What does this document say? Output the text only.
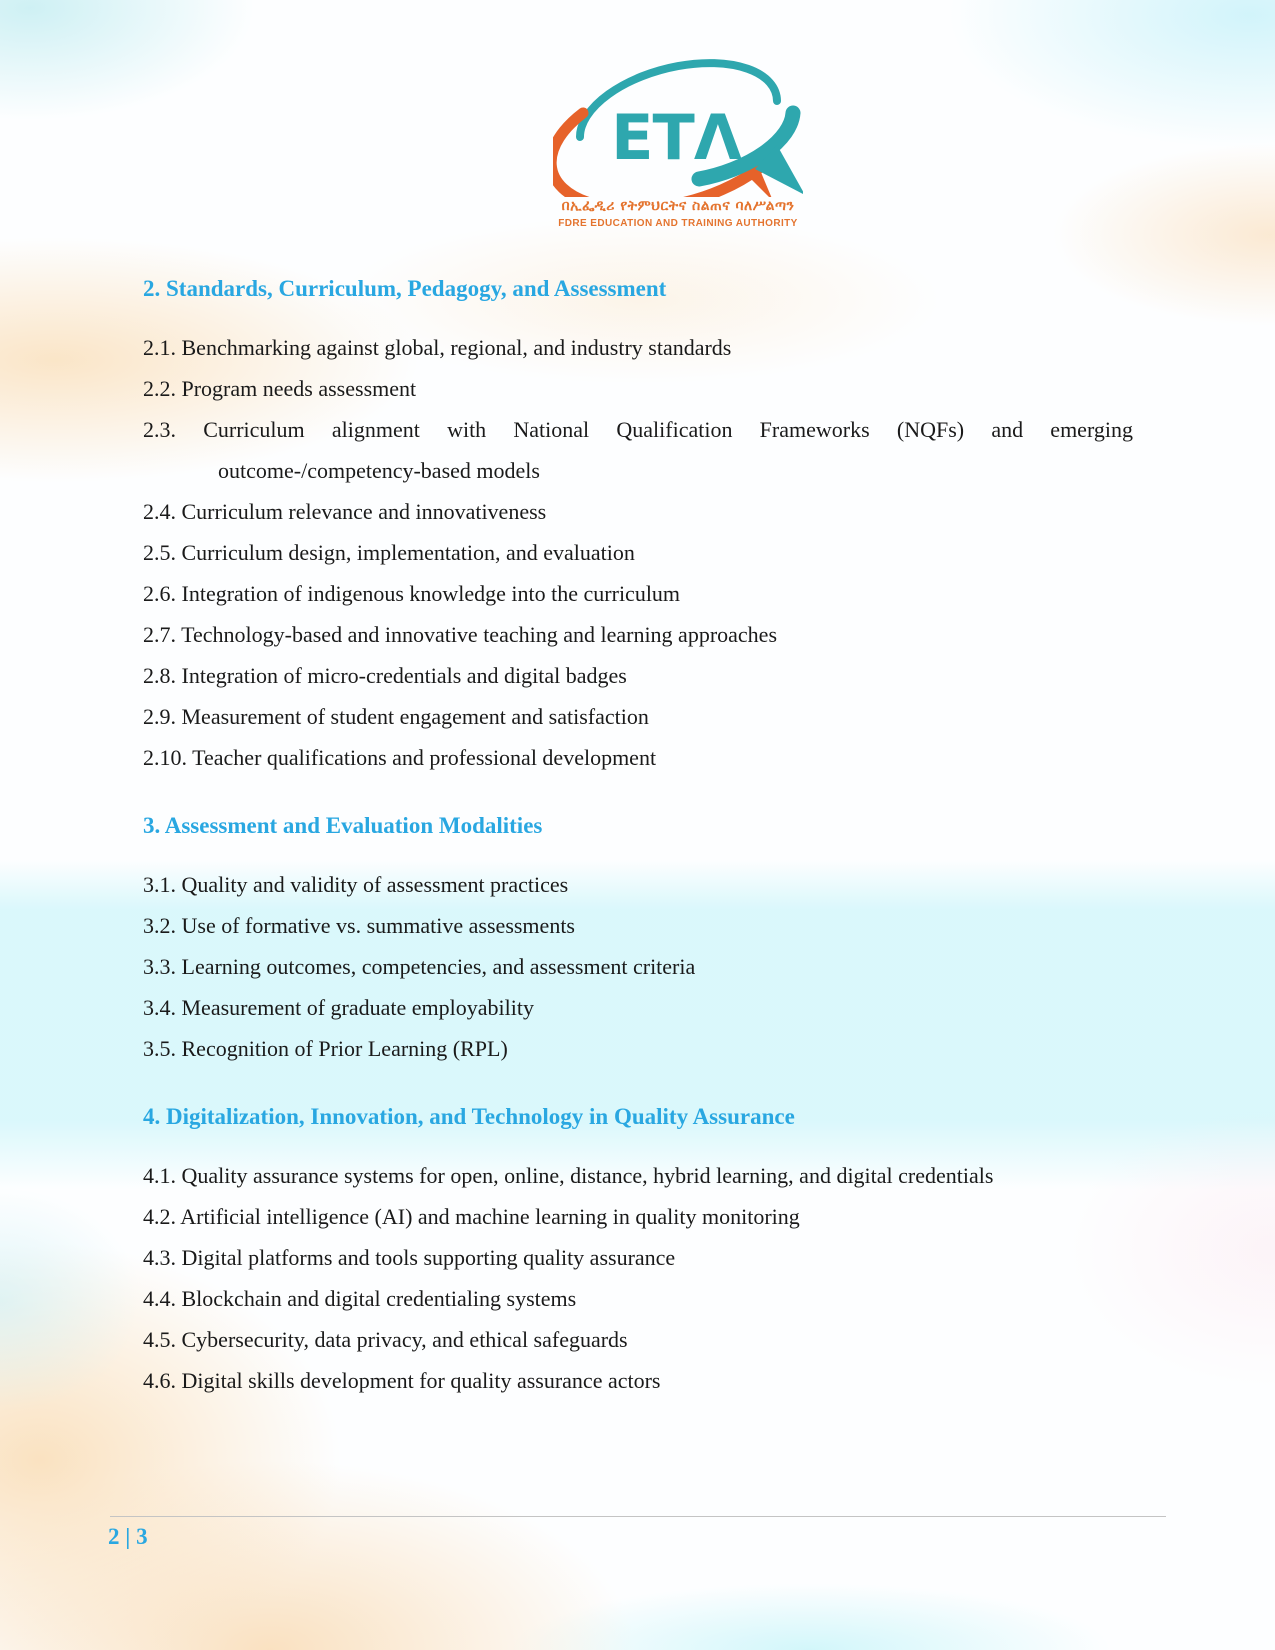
ETΛ
በኢፌዲሪ የትምህርትና ስልጠና ባለሥልጣን
FDRE EDUCATION AND TRAINING AUTHORITY
2. Standards, Curriculum, Pedagogy, and Assessment
2.1. Benchmarking against global, regional, and industry standards
2.2. Program needs assessment
2.3. Curriculum alignment with National Qualification Frameworks (NQFs) and emerging outcome-/competency-based models
2.4. Curriculum relevance and innovativeness
2.5. Curriculum design, implementation, and evaluation
2.6. Integration of indigenous knowledge into the curriculum
2.7. Technology-based and innovative teaching and learning approaches
2.8. Integration of micro-credentials and digital badges
2.9. Measurement of student engagement and satisfaction
2.10. Teacher qualifications and professional development
3. Assessment and Evaluation Modalities
3.1. Quality and validity of assessment practices
3.2. Use of formative vs. summative assessments
3.3. Learning outcomes, competencies, and assessment criteria
3.4. Measurement of graduate employability
3.5. Recognition of Prior Learning (RPL)
4. Digitalization, Innovation, and Technology in Quality Assurance
4.1. Quality assurance systems for open, online, distance, hybrid learning, and digital credentials
4.2. Artificial intelligence (AI) and machine learning in quality monitoring
4.3. Digital platforms and tools supporting quality assurance
4.4. Blockchain and digital credentialing systems
4.5. Cybersecurity, data privacy, and ethical safeguards
4.6. Digital skills development for quality assurance actors
2 | 3
